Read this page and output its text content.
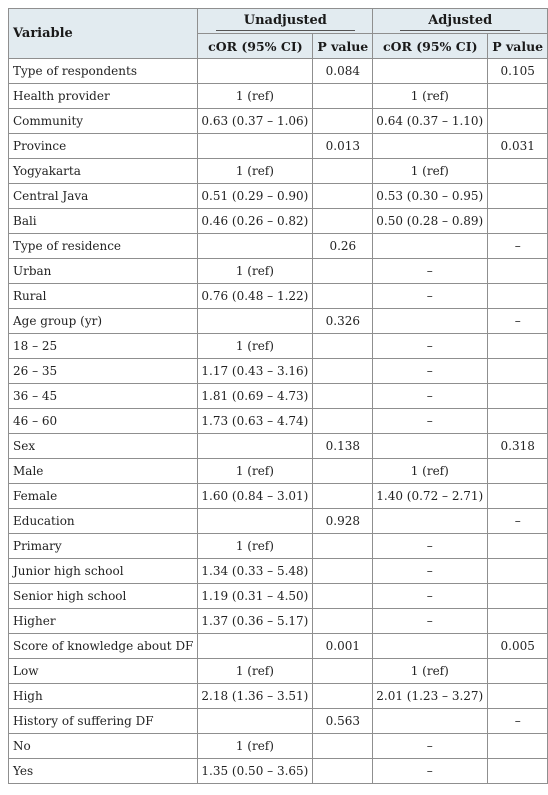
Variable	Unadjusted		Adjusted	
	cOR (95% CI)	P value	cOR (95% CI)	P value
Type of respondents		0.084		0.105
Health provider	1 (ref)		1 (ref)	
Community	0.63 (0.37 – 1.06)		0.64 (0.37 – 1.10)	
Province		0.013		0.031
Yogyakarta	1 (ref)		1 (ref)	
Central Java	0.51 (0.29 – 0.90)		0.53 (0.30 – 0.95)	
Bali	0.46 (0.26 – 0.82)		0.50 (0.28 – 0.89)	
Type of residence		0.26		–
Urban	1 (ref)		–	
Rural	0.76 (0.48 – 1.22)		–	
Age group (yr)		0.326		–
18 – 25	1 (ref)		–	
26 – 35	1.17 (0.43 – 3.16)		–	
36 – 45	1.81 (0.69 – 4.73)		–	
46 – 60	1.73 (0.63 – 4.74)		–	
Sex		0.138		0.318
Male	1 (ref)		1 (ref)	
Female	1.60 (0.84 – 3.01)		1.40 (0.72 – 2.71)	
Education		0.928		–
Primary	1 (ref)		–	
Junior high school	1.34 (0.33 – 5.48)		–	
Senior high school	1.19 (0.31 – 4.50)		–	
Higher	1.37 (0.36 – 5.17)		–	
Score of knowledge about DF		0.001		0.005
Low	1 (ref)		1 (ref)	
High	2.18 (1.36 – 3.51)		2.01 (1.23 – 3.27)	
History of suffering DF		0.563		–
No	1 (ref)		–	
Yes	1.35 (0.50 – 3.65)		–	
